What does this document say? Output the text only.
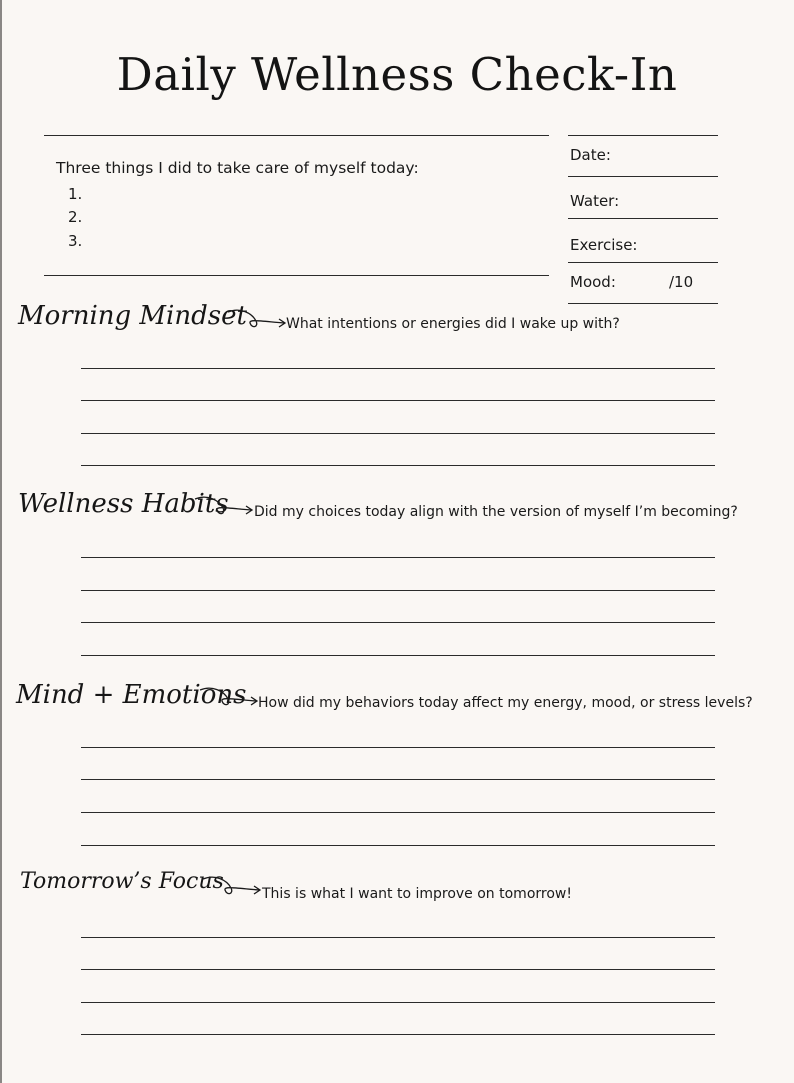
Daily Wellness Check-In
Three things I did to take care of myself today:
1.
2.
3.
Date:
Water:
Exercise:
Mood:	/10
Morning Mindset	What intentions or energies did I wake up with?
Wellness Habits Did my choices today align with the version of myself I’m becoming?
Mind + Emotions How did my behaviors today affect my energy, mood, or stress levels?
Tomorrow’s Focus	This is what I want to improve on tomorrow!
